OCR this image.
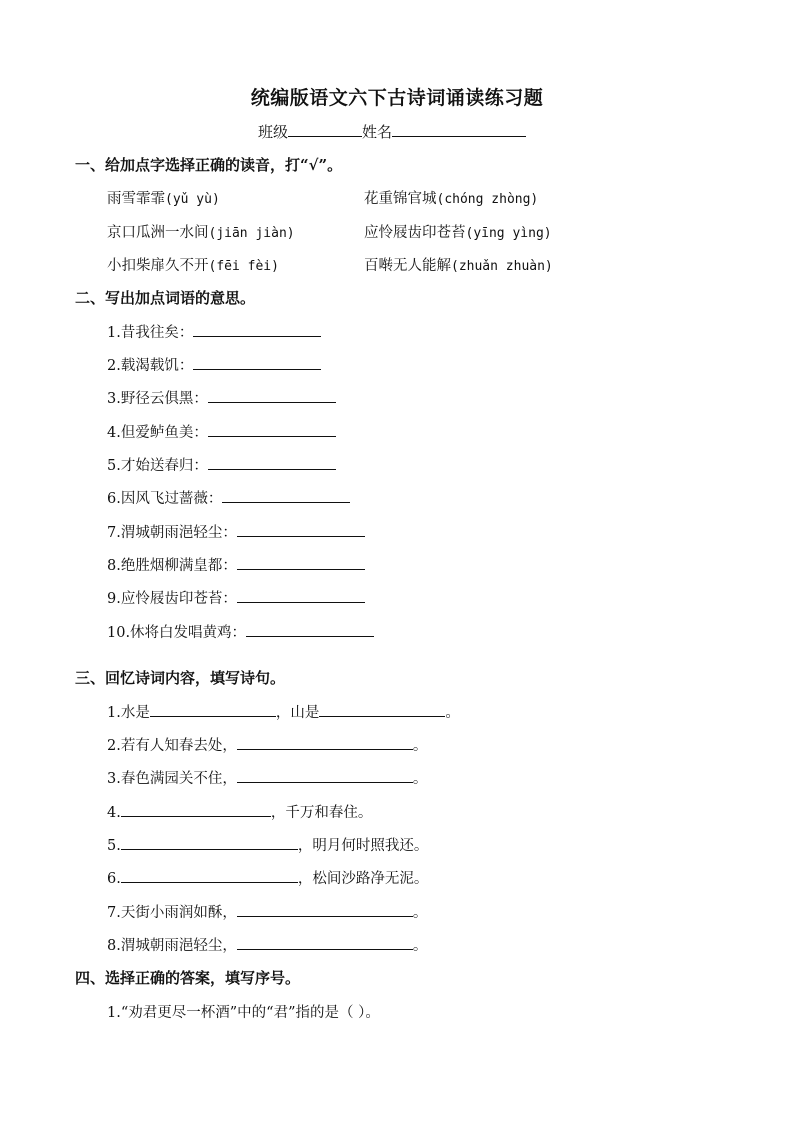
统编版语文六下古诗词诵读练习题
班级	姓名
一、给加点字选择正确的读音，打“√”。
雨雪霏霏(yǔ yù)	花重锦官城(chóng zhòng)
京口瓜洲一水间(jiān jiàn)	应怜屐齿印苍苔(yīng yìng)
小扣柴扉久不开(fēi fèi)	百啭无人能解(zhuǎn zhuàn)
二、写出加点词语的意思。
1.昔我往矣：
2.载渴载饥：
3.野径云俱黑：
4.但爱鲈鱼美：
5.才始送春归：
6.因风飞过蔷薇：
7.渭城朝雨浥轻尘：
8.绝胜烟柳满皇都：
9.应怜屐齿印苍苔：
10.休将白发唱黄鸡：
三、回忆诗词内容，填写诗句。
1.水是	，山是	。
2.若有人知春去处，	。
3.春色满园关不住，	。
4.	，千万和春住。
5.	，明月何时照我还。
6.	，松间沙路净无泥。
7.天街小雨润如酥，	。
8.渭城朝雨浥轻尘，	。
四、选择正确的答案，填写序号。
1.“劝君更尽一杯酒”中的“君”指的是（ ）。
